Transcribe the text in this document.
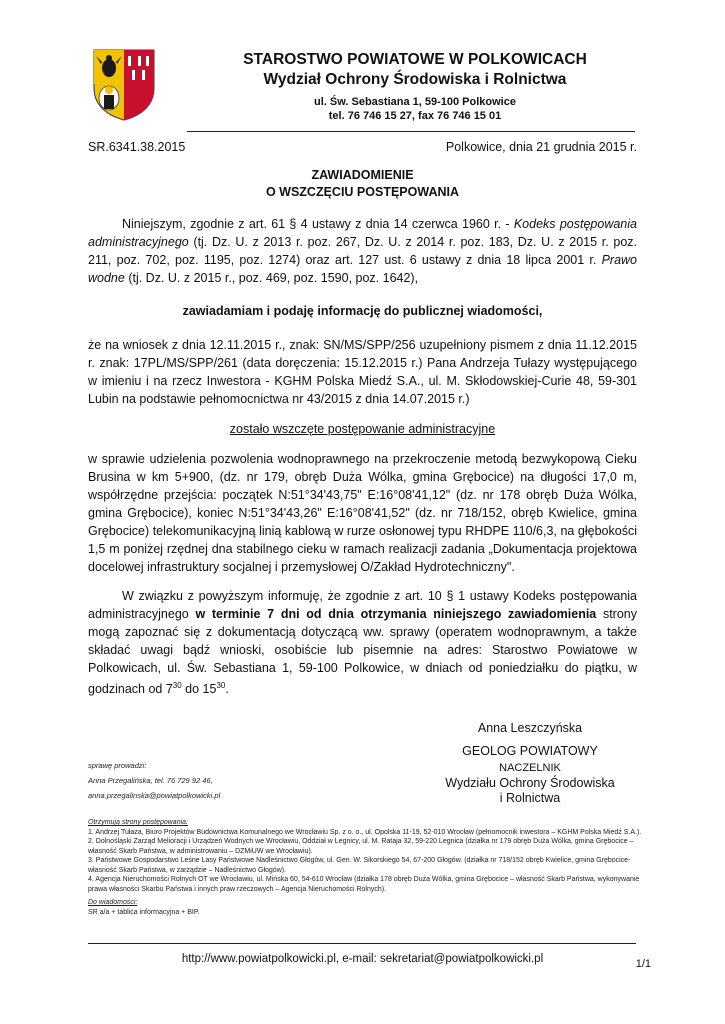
STAROSTWO POWIATOWE W POLKOWICACH
Wydział Ochrony Środowiska i Rolnictwa
ul. Św. Sebastiana 1, 59-100 Polkowice
tel. 76 746 15 27, fax 76 746 15 01
SR.6341.38.2015	Polkowice, dnia 21 grudnia 2015 r.
ZAWIADOMIENIE
O WSZCZĘCIU POSTĘPOWANIA

Niniejszym, zgodnie z art. 61 § 4 ustawy z dnia 14 czerwca 1960 r. - Kodeks postępowania administracyjnego (tj. Dz. U. z 2013 r. poz. 267, Dz. U. z 2014 r. poz. 183, Dz. U. z 2015 r. poz. 211, poz. 702, poz. 1195, poz. 1274) oraz art. 127 ust. 6 ustawy z dnia 18 lipca 2001 r. Prawo wodne (tj. Dz. U. z 2015 r., poz. 469, poz. 1590, poz. 1642),

zawiadamiam i podaję informację do publicznej wiadomości,
że na wniosek z dnia 12.11.2015 r., znak: SN/MS/SPP/256 uzupełniony pismem z dnia 11.12.2015 r. znak: 17PL/MS/SPP/261 (data doręczenia: 15.12.2015 r.) Pana Andrzeja Tułazy występującego w imieniu i na rzecz Inwestora - KGHM Polska Miedź S.A., ul. M. Skłodowskiej-Curie 48, 59-301 Lubin na podstawie pełnomocnictwa nr 43/2015 z dnia 14.07.2015 r.)
zostało wszczęte postępowanie administracyjne
w sprawie udzielenia pozwolenia wodnoprawnego na przekroczenie metodą bezwykopową Cieku Brusina w km 5+900, (dz. nr 179, obręb Duża Wólka, gmina Grębocice) na długości 17,0 m, współrzędne przejścia: początek N:51°34'43,75" E:16°08'41,12" (dz. nr 178 obręb Duża Wólka, gmina Grębocice), koniec N:51°34'43,26" E:16°08'41,52" (dz. nr 718/152, obręb Kwielice, gmina Grębocice) telekomunikacyjną linią kablową w rurze osłonowej typu RHDPE 110/6,3, na głębokości 1,5 m poniżej rzędnej dna stabilnego cieku w ramach realizacji zadania „Dokumentacja projektowa docelowej infrastruktury socjalnej i przemysłowej O/Zakład Hydrotechniczny".

W związku z powyższym informuję, że zgodnie z art. 10 § 1 ustawy Kodeks postępowania administracyjnego w terminie 7 dni od dnia otrzymania niniejszego zawiadomienia strony mogą zapoznać się z dokumentacją dotyczącą ww. sprawy (operatem wodnoprawnym, a także składać uwagi bądź wnioski, osobiście lub pisemnie na adres: Starostwo Powiatowe w Polkowicach, ul. Św. Sebastiana 1, 59-100 Polkowice, w dniach od poniedziałku do piątku, w godzinach od $7^{30}$ do $15^{30}$.

Anna Leszczyńska
GEOLOG POWIATOWY
NACZELNIK
Wydziału Ochrony Środowiska
i Rolnictwa
sprawę prowadzi:
Anna Przegalińska, tel. 76 729 92 46,
anna.przegalinska@powiatpolkowicki.pl
Otrzymują strony postępowania:
1. Andrzej Tułaza, Biuro Projektów Budownictwa Komunalnego we Wrocławiu Sp. z o. o., ul. Opolska 11-19, 52-010 Wrocław (pełnomocnik inwestora – KGHM Polska Miedź S.A.).
2. Dolnośląski Zarząd Melioracji i Urządzeń Wodnych we Wrocławiu, Oddział w Legnicy, ul. M. Rataja 32, 59-220 Legnica (działka nr 179 obręb Duża Wólka, gmina Grębocice – własność Skarb Państwa, w administrowaniu – DZMiUW we Wrocławiu).
3. Państwowe Gospodarstwo Leśne Lasy Państwowe Nadleśnictwo Głogów, ul. Gen. W. Sikorskiego 54, 67-200 Głogów. (działka nr 718/152 obręb Kwielice, gmina Grębocice- własność Skarb Państwa, w zarządzie – Nadleśnictwo Głogów).
4. Agencja Nieruchomości Rolnych OT we Wrocławiu, ul. Mińska 60, 54-610 Wrocław (działka 178 obręb Duża Wólka, gmina Grębocice – własność Skarb Państwa, wykonywanie prawa własności Skarbu Państwa i innych praw rzeczowych – Agencja Nieruchomości Rolnych).
Do wiadomości:
SR a/a + tablica informacyjna + BIP.
http://www.powiatpolkowicki.pl, e-mail: sekretariat@powiatpolkowicki.pl	1/1
